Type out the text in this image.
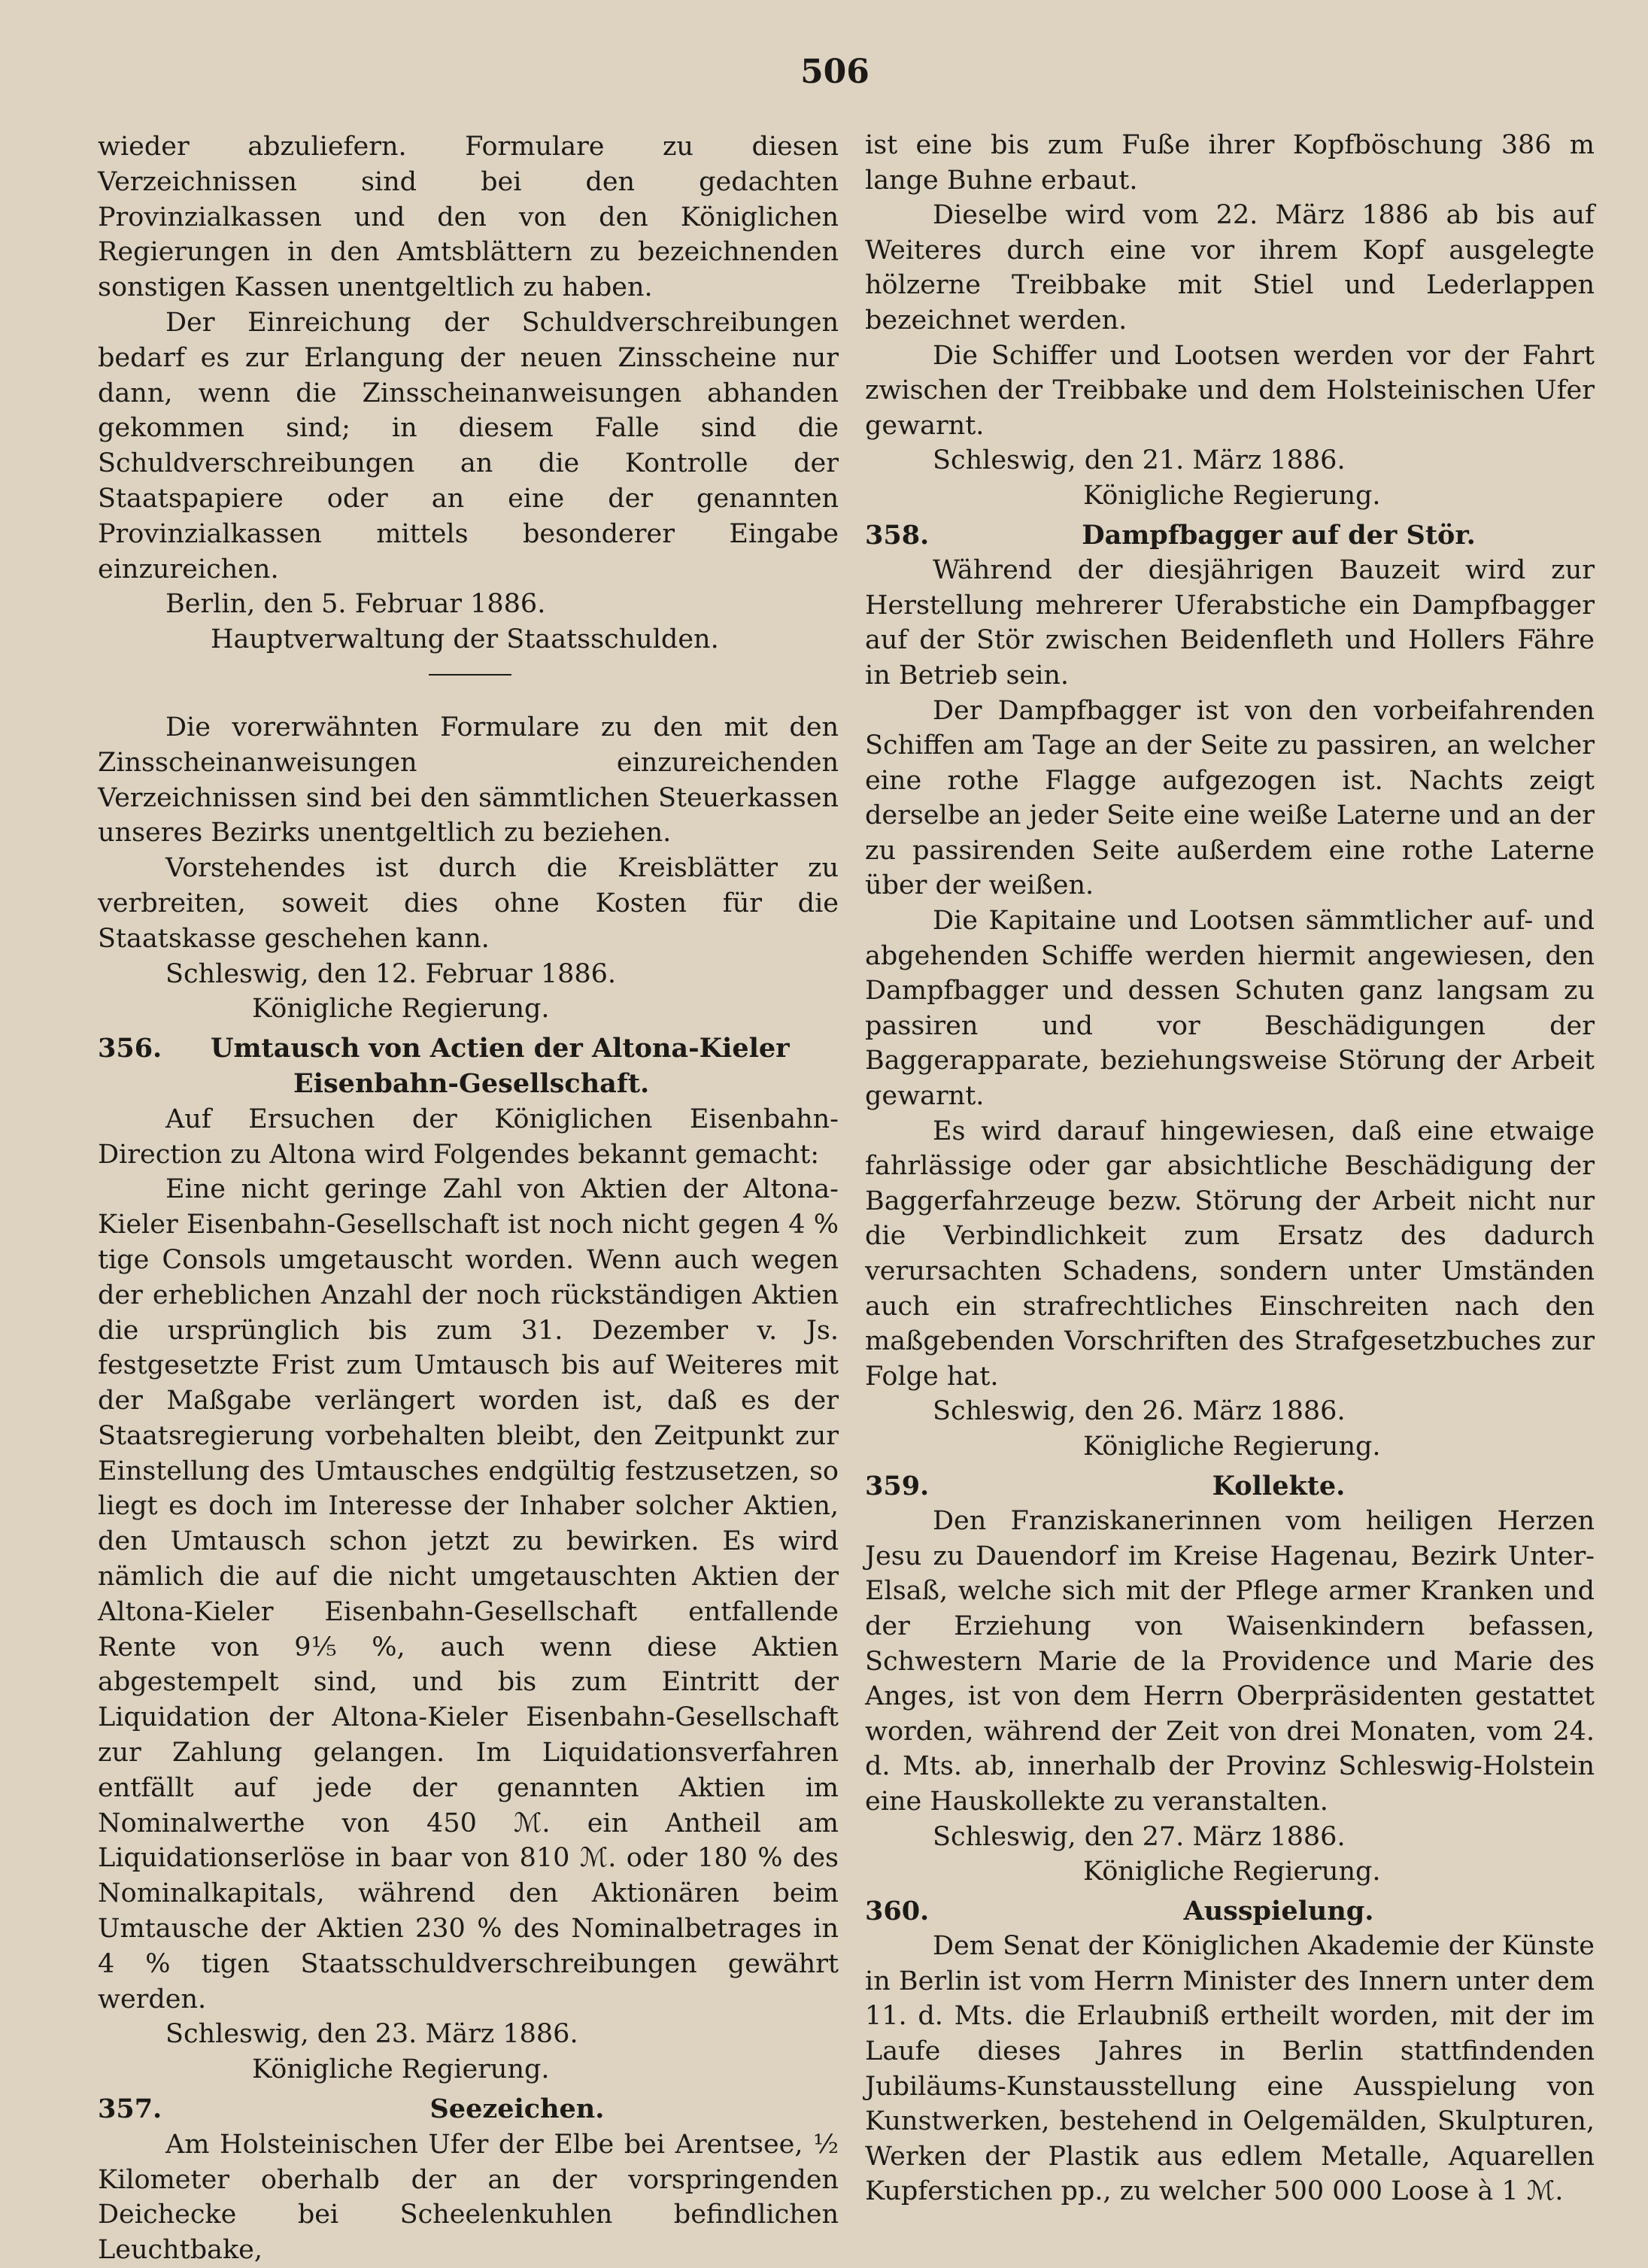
506

wieder abzuliefern. Formulare zu diesen Verzeichnissen sind bei den gedachten Provinzialkassen und den von den Königlichen Regierungen in den Amtsblättern zu bezeichnenden sonstigen Kassen unentgeltlich zu haben.

Der Einreichung der Schuldverschreibungen bedarf es zur Erlangung der neuen Zinsscheine nur dann, wenn die Zinsscheinanweisungen abhanden gekommen sind; in diesem Falle sind die Schuldverschreibungen an die Kontrolle der Staatspapiere oder an eine der genannten Provinzialkassen mittels besonderer Eingabe einzureichen.

Berlin, den 5. Februar 1886.

Hauptverwaltung der Staatsschulden.

Die vorerwähnten Formulare zu den mit den Zinsscheinanweisungen einzureichenden Verzeichnissen sind bei den sämmtlichen Steuerkassen unseres Bezirks unentgeltlich zu beziehen.

Vorstehendes ist durch die Kreisblätter zu verbreiten, soweit dies ohne Kosten für die Staatskasse geschehen kann.

Schleswig, den 12. Februar 1886.

Königliche Regierung.

356.	Umtausch von Actien der Altona-Kieler

Eisenbahn-Gesellschaft.

Auf Ersuchen der Königlichen Eisenbahn-Direction zu Altona wird Folgendes bekannt gemacht:

Eine nicht geringe Zahl von Aktien der Altona-Kieler Eisenbahn-Gesellschaft ist noch nicht gegen 4 % tige Consols umgetauscht worden. Wenn auch wegen der erheblichen Anzahl der noch rückständigen Aktien die ursprünglich bis zum 31. Dezember v. Js. festgesetzte Frist zum Umtausch bis auf Weiteres mit der Maßgabe verlängert worden ist, daß es der Staatsregierung vorbehalten bleibt, den Zeitpunkt zur Einstellung des Umtausches endgültig festzusetzen, so liegt es doch im Interesse der Inhaber solcher Aktien, den Umtausch schon jetzt zu bewirken. Es wird nämlich die auf die nicht umgetauschten Aktien der Altona-Kieler Eisenbahn-Gesellschaft entfallende Rente von 9⅕ %, auch wenn diese Aktien abgestempelt sind, und bis zum Eintritt der Liquidation der Altona-Kieler Eisenbahn-Gesellschaft zur Zahlung gelangen. Im Liquidationsverfahren entfällt auf jede der genannten Aktien im Nominalwerthe von 450 ℳ. ein Antheil am Liquidationserlöse in baar von 810 ℳ. oder 180 % des Nominalkapitals, während den Aktionären beim Umtausche der Aktien 230 % des Nominalbetrages in 4 % tigen Staatsschuldverschreibungen gewährt werden.

Schleswig, den 23. März 1886.

Königliche Regierung.

357.	Seezeichen.

Am Holsteinischen Ufer der Elbe bei Arentsee, ½ Kilometer oberhalb der an der vorspringenden Deichecke bei Scheelenkuhlen befindlichen Leuchtbake,

ist eine bis zum Fuße ihrer Kopfböschung 386 m lange Buhne erbaut.

Dieselbe wird vom 22. März 1886 ab bis auf Weiteres durch eine vor ihrem Kopf ausgelegte hölzerne Treibbake mit Stiel und Lederlappen bezeichnet werden.

Die Schiffer und Lootsen werden vor der Fahrt zwischen der Treibbake und dem Holsteinischen Ufer gewarnt.

Schleswig, den 21. März 1886.

Königliche Regierung.

358.	Dampfbagger auf der Stör.

Während der diesjährigen Bauzeit wird zur Herstellung mehrerer Uferabstiche ein Dampfbagger auf der Stör zwischen Beidenfleth und Hollers Fähre in Betrieb sein.

Der Dampfbagger ist von den vorbeifahrenden Schiffen am Tage an der Seite zu passiren, an welcher eine rothe Flagge aufgezogen ist. Nachts zeigt derselbe an jeder Seite eine weiße Laterne und an der zu passirenden Seite außerdem eine rothe Laterne über der weißen.

Die Kapitaine und Lootsen sämmtlicher auf- und abgehenden Schiffe werden hiermit angewiesen, den Dampfbagger und dessen Schuten ganz langsam zu passiren und vor Beschädigungen der Baggerapparate, beziehungsweise Störung der Arbeit gewarnt.

Es wird darauf hingewiesen, daß eine etwaige fahrlässige oder gar absichtliche Beschädigung der Baggerfahrzeuge bezw. Störung der Arbeit nicht nur die Verbindlichkeit zum Ersatz des dadurch verursachten Schadens, sondern unter Umständen auch ein strafrechtliches Einschreiten nach den maßgebenden Vorschriften des Strafgesetzbuches zur Folge hat.

Schleswig, den 26. März 1886.

Königliche Regierung.

359.	Kollekte.

Den Franziskanerinnen vom heiligen Herzen Jesu zu Dauendorf im Kreise Hagenau, Bezirk Unter-Elsaß, welche sich mit der Pflege armer Kranken und der Erziehung von Waisenkindern befassen, Schwestern Marie de la Providence und Marie des Anges, ist von dem Herrn Oberpräsidenten gestattet worden, während der Zeit von drei Monaten, vom 24. d. Mts. ab, innerhalb der Provinz Schleswig-Holstein eine Hauskollekte zu veranstalten.

Schleswig, den 27. März 1886.

Königliche Regierung.

360.	Ausspielung.

Dem Senat der Königlichen Akademie der Künste in Berlin ist vom Herrn Minister des Innern unter dem 11. d. Mts. die Erlaubniß ertheilt worden, mit der im Laufe dieses Jahres in Berlin stattfindenden Jubiläums-Kunstausstellung eine Ausspielung von Kunstwerken, bestehend in Oelgemälden, Skulpturen, Werken der Plastik aus edlem Metalle, Aquarellen Kupferstichen pp., zu welcher 500 000 Loose à 1 ℳ.
